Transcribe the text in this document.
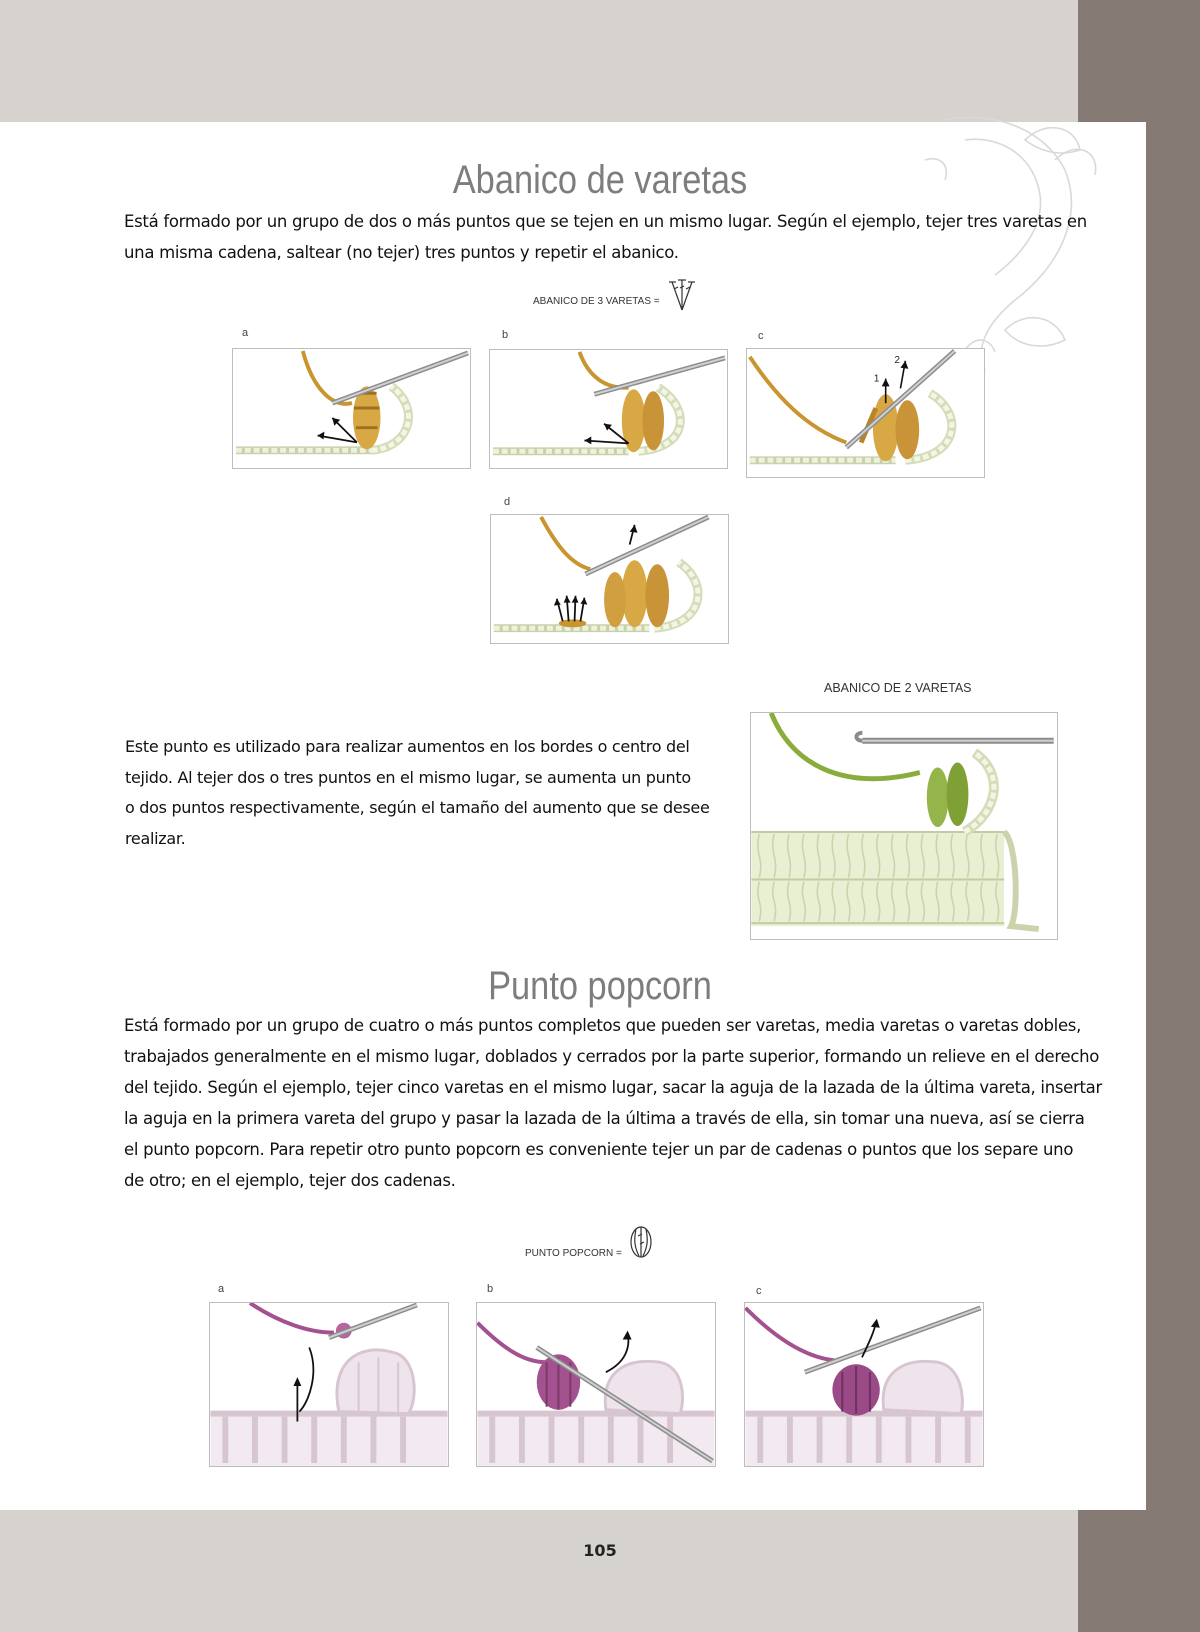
Abanico de varetas
Está formado por un grupo de dos o más puntos que se tejen en un mismo lugar. Según el ejemplo, tejer tres varetas en
una misma cadena, saltear (no tejer) tres puntos y repetir el abanico.
ABANICO DE 3 VARETAS =
a	b	c
d
1
2
ABANICO DE 2 VARETAS
Este punto es utilizado para realizar aumentos en los bordes o centro del
tejido. Al tejer dos o tres puntos en el mismo lugar, se aumenta un punto
o dos puntos respectivamente, según el tamaño del aumento que se desee
realizar.
Punto popcorn
Está formado por un grupo de cuatro o más puntos completos que pueden ser varetas, media varetas o varetas dobles,
trabajados generalmente en el mismo lugar, doblados y cerrados por la parte superior, formando un relieve en el derecho
del tejido. Según el ejemplo, tejer cinco varetas en el mismo lugar, sacar la aguja de la lazada de la última vareta, insertar
la aguja en la primera vareta del grupo y pasar la lazada de la última a través de ella, sin tomar una nueva, así se cierra
el punto popcorn. Para repetir otro punto popcorn es conveniente tejer un par de cadenas o puntos que los separe uno
de otro; en el ejemplo, tejer dos cadenas.
PUNTO POPCORN =
a	b	c
105
